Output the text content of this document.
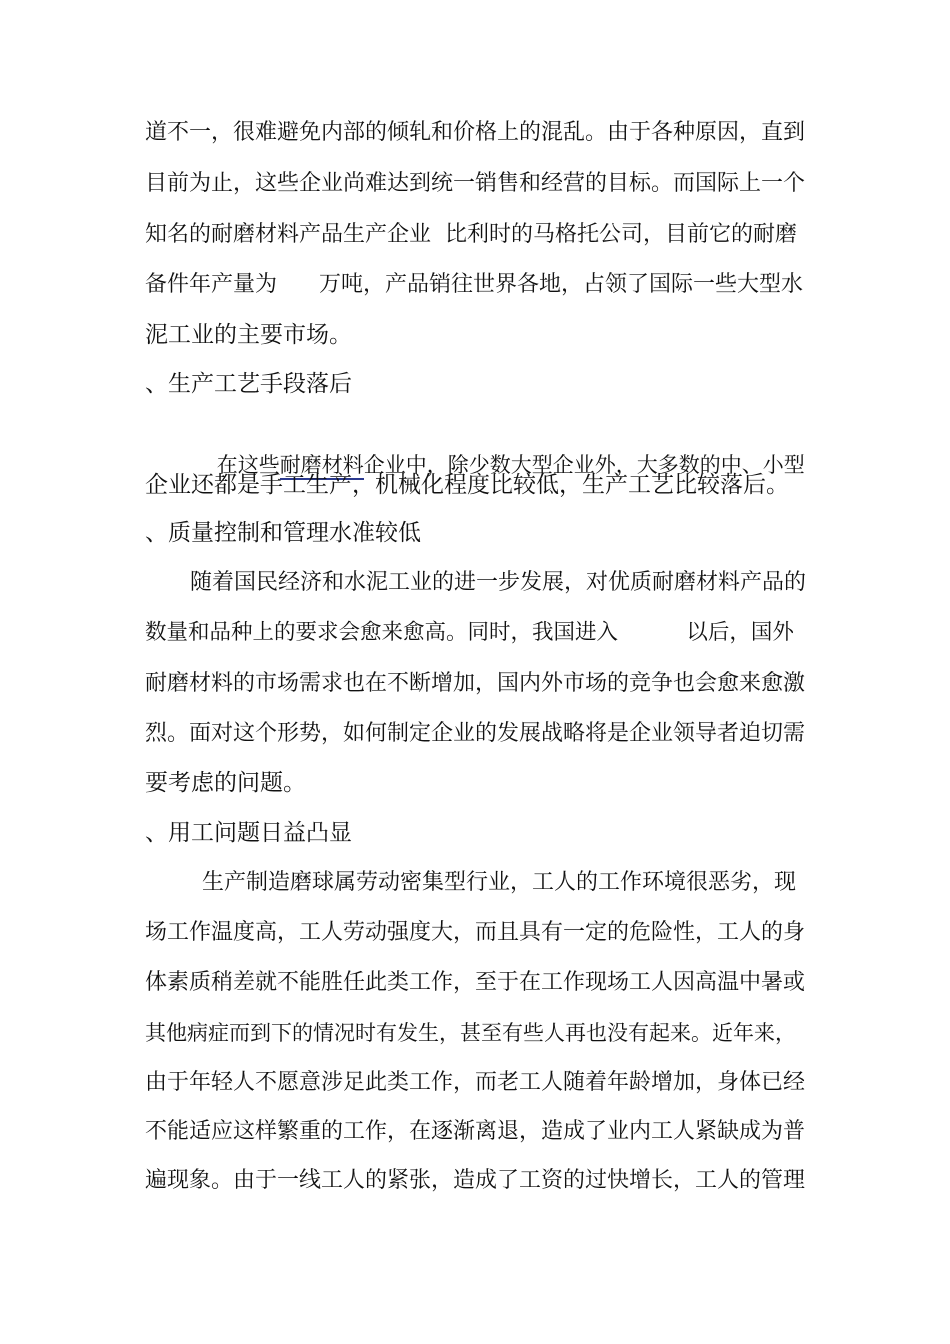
道不一，很难避免内部的倾轧和价格上的混乱。由于各种原因，直到
目前为止，这些企业尚难达到统一销售和经营的目标。而国际上一个
知名的耐磨材料产品生产企业  比利时的马格托公司，目前它的耐磨
备件年产量为      万吨，产品销往世界各地，占领了国际一些大型水
泥工业的主要市场。
、生产工艺手段落后

在这些耐磨材料企业中，除少数大型企业外，大多数的中、小型

企业还都是手工生产，机械化程度比较低，生产工艺比较落后。
、质量控制和管理水准较低
随着国民经济和水泥工业的进一步发展，对优质耐磨材料产品的
数量和品种上的要求会愈来愈高。同时，我国进入          以后，国外
耐磨材料的市场需求也在不断增加，国内外市场的竞争也会愈来愈激
烈。面对这个形势，如何制定企业的发展战略将是企业领导者迫切需
要考虑的问题。
、用工问题日益凸显
生产制造磨球属劳动密集型行业，工人的工作环境很恶劣，现
场工作温度高，工人劳动强度大，而且具有一定的危险性，工人的身
体素质稍差就不能胜任此类工作，至于在工作现场工人因高温中暑或
其他病症而到下的情况时有发生，甚至有些人再也没有起来。近年来，
由于年轻人不愿意涉足此类工作，而老工人随着年龄增加，身体已经
不能适应这样繁重的工作，在逐渐离退，造成了业内工人紧缺成为普
遍现象。由于一线工人的紧张，造成了工资的过快增长，工人的管理
